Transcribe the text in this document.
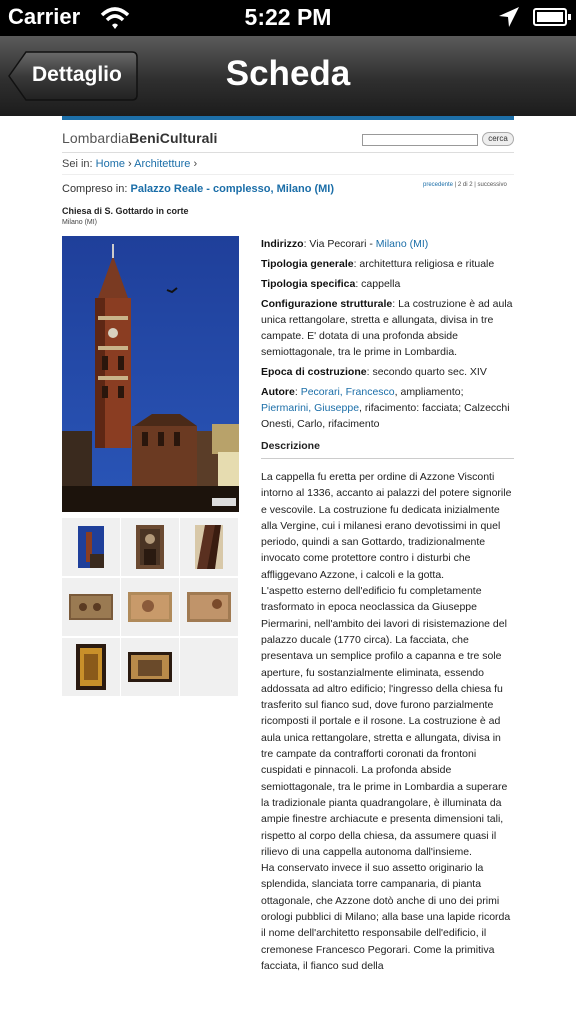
Carrier	5:22 PM
Dettaglio	Scheda
LombardiaBeniCulturali	cerca
Sei in: Home › Architetture ›
Compreso in: Palazzo Reale - complesso, Milano (MI)	precedente | 2 di 2 | successivo
Chiesa di S. Gottardo in corte
Milano (MI)
Indirizzo: Via Pecorari - Milano (MI)
Tipologia generale: architettura religiosa e rituale
Tipologia specifica: cappella
Configurazione strutturale: La costruzione è ad aula unica rettangolare, stretta e allungata, divisa in tre campate. E' dotata di una profonda abside semiottagonale, tra le prime in Lombardia.
Epoca di costruzione: secondo quarto sec. XIV
Autore: Pecorari, Francesco, ampliamento; Piermarini, Giuseppe, rifacimento: facciata; Calzecchi Onesti, Carlo, rifacimento
Descrizione

La cappella fu eretta per ordine di Azzone Visconti intorno al 1336, accanto ai palazzi del potere signorile e vescovile. La costruzione fu dedicata inizialmente alla Vergine, cui i milanesi erano devotissimi in quel periodo, quindi a san Gottardo, tradizionalmente invocato come protettore contro i disturbi che affliggevano Azzone, i calcoli e la gotta.

L'aspetto esterno dell'edificio fu completamente trasformato in epoca neoclassica da Giuseppe Piermarini, nell'ambito dei lavori di risistemazione del palazzo ducale (1770 circa). La facciata, che presentava un semplice profilo a capanna e tre sole aperture, fu sostanzialmente eliminata, essendo addossata ad altro edificio; l'ingresso della chiesa fu trasferito sul fianco sud, dove furono parzialmente ricomposti il portale e il rosone. La costruzione è ad aula unica rettangolare, stretta e allungata, divisa in tre campate da contrafforti coronati da frontoni cuspidati e pinnacoli. La profonda abside semiottagonale, tra le prime in Lombardia a superare la tradizionale pianta quadrangolare, è illuminata da ampie finestre archiacute e presenta dimensioni tali, rispetto al corpo della chiesa, da assumere quasi il rilievo di una cappella autonoma dall'insieme.

Ha conservato invece il suo assetto originario la splendida, slanciata torre campanaria, di pianta ottagonale, che Azzone dotò anche di uno dei primi orologi pubblici di Milano; alla base una lapide ricorda il nome dell'architetto responsabile dell'edificio, il cremonese Francesco Pegorari. Come la primitiva facciata, il fianco sud della
